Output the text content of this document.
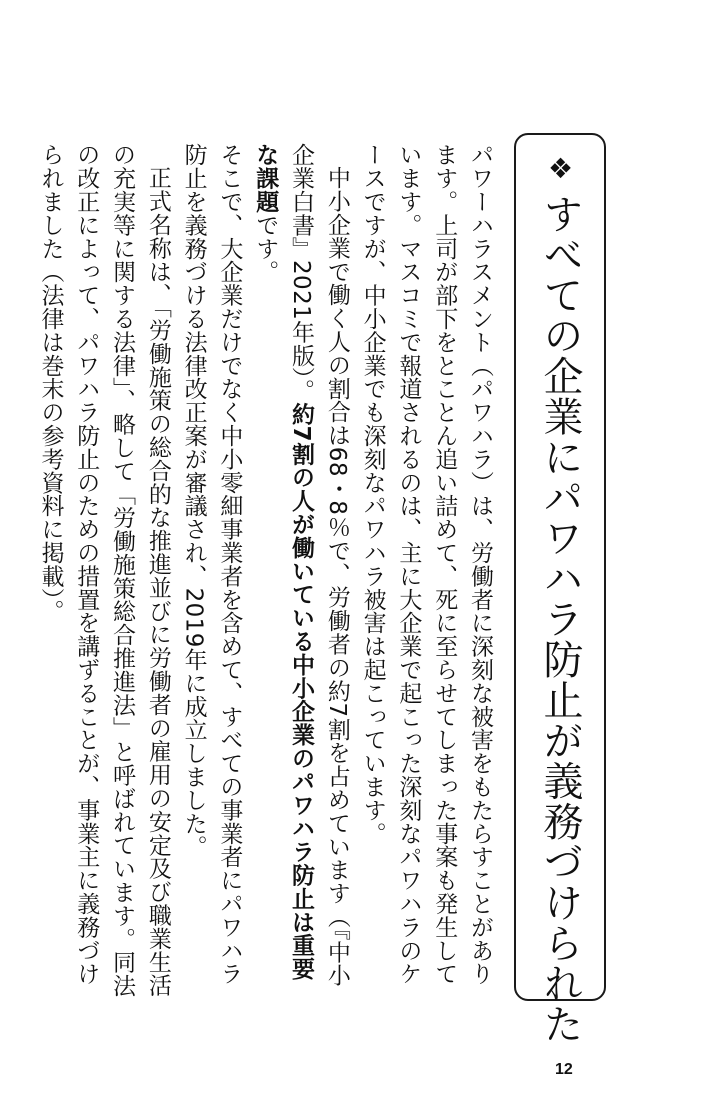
❖すべての企業にパワハラ防止が義務づけられた

パワーハラスメント（パワハラ）は、労働者に深刻な被害をもたらすことがあります。上司が部下をとことん追い詰めて、死に至らせてしまった事案も発生しています。マスコミで報道されるのは、主に大企業で起こった深刻なパワハラのケースですが、中小企業でも深刻なパワハラ被害は起こっています。

中小企業で働く人の割合は68・8％で、労働者の約7割を占めています（『中小企業白書』2021年版）。約7割の人が働いている中小企業のパワハラ防止は重要な課題です。

そこで、大企業だけでなく中小零細事業者を含めて、すべての事業者にパワハラ防止を義務づける法律改正案が審議され、2019年に成立しました。

正式名称は、「労働施策の総合的な推進並びに労働者の雇用の安定及び職業生活の充実等に関する法律」、略して「労働施策総合推進法」と呼ばれています。同法の改正によって、パワハラ防止のための措置を講ずることが、事業主に義務づけられました（法律は巻末の参考資料に掲載）。

12
